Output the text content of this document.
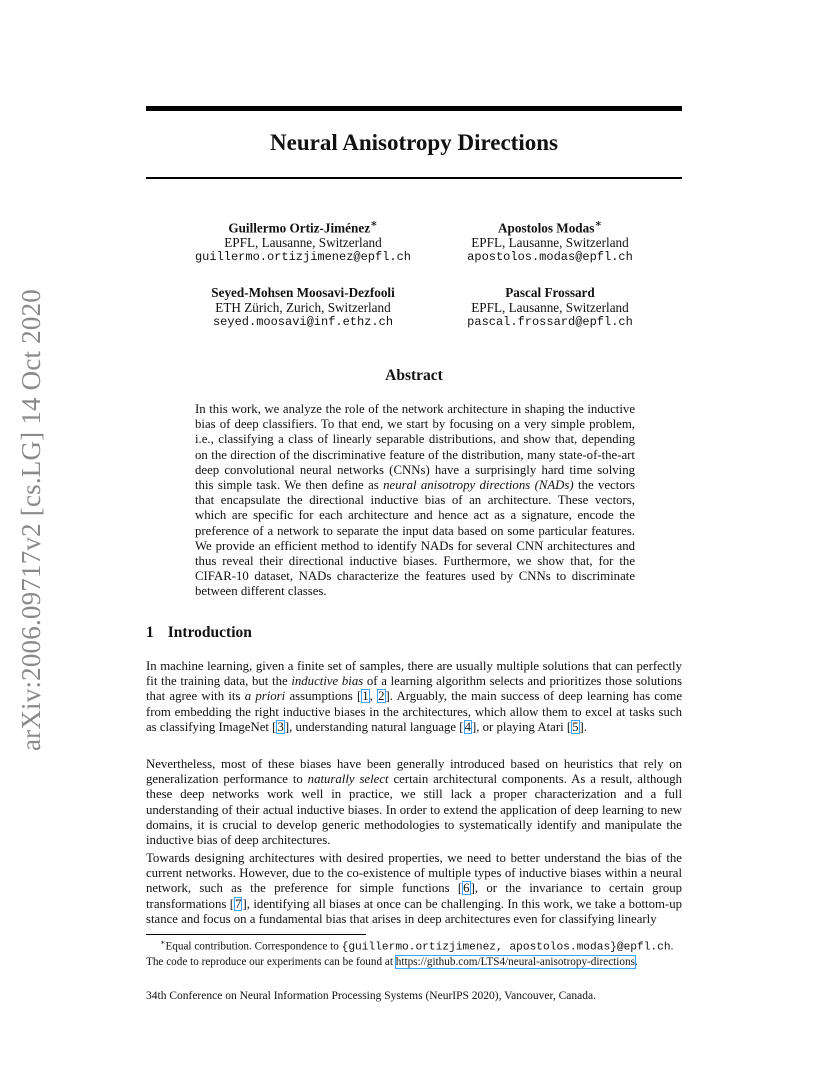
arXiv:2006.09717v2 [cs.LG] 14 Oct 2020
Neural Anisotropy Directions
Guillermo Ortiz-Jiménez∗
EPFL, Lausanne, Switzerland
guillermo.ortizjimenez@epfl.ch
Apostolos Modas∗
EPFL, Lausanne, Switzerland
apostolos.modas@epfl.ch
Seyed-Mohsen Moosavi-Dezfooli
ETH Zürich, Zurich, Switzerland
seyed.moosavi@inf.ethz.ch
Pascal Frossard
EPFL, Lausanne, Switzerland
pascal.frossard@epfl.ch
Abstract
In this work, we analyze the role of the network architecture in shaping the inductive bias of deep classifiers. To that end, we start by focusing on a very simple problem, i.e., classifying a class of linearly separable distributions, and show that, depending on the direction of the discriminative feature of the distribution, many state-of-the-art deep convolutional neural networks (CNNs) have a surprisingly hard time solving this simple task. We then define as neural anisotropy directions (NADs) the vectors that encapsulate the directional inductive bias of an architecture. These vectors, which are specific for each architecture and hence act as a signature, encode the preference of a network to separate the input data based on some particular features. We provide an efficient method to identify NADs for several CNN architectures and thus reveal their directional inductive biases. Furthermore, we show that, for the CIFAR-10 dataset, NADs characterize the features used by CNNs to discriminate between different classes.
1 Introduction
In machine learning, given a finite set of samples, there are usually multiple solutions that can perfectly fit the training data, but the inductive bias of a learning algorithm selects and prioritizes those solutions that agree with its a priori assumptions [1, 2]. Arguably, the main success of deep learning has come from embedding the right inductive biases in the architectures, which allow them to excel at tasks such as classifying ImageNet [3], understanding natural language [4], or playing Atari [5].
Nevertheless, most of these biases have been generally introduced based on heuristics that rely on generalization performance to naturally select certain architectural components. As a result, although these deep networks work well in practice, we still lack a proper characterization and a full understanding of their actual inductive biases. In order to extend the application of deep learning to new domains, it is crucial to develop generic methodologies to systematically identify and manipulate the inductive bias of deep architectures.
Towards designing architectures with desired properties, we need to better understand the bias of the current networks. However, due to the co-existence of multiple types of inductive biases within a neural network, such as the preference for simple functions [6], or the invariance to certain group transformations [7], identifying all biases at once can be challenging. In this work, we take a bottom-up stance and focus on a fundamental bias that arises in deep architectures even for classifying linearly
∗Equal contribution. Correspondence to {guillermo.ortizjimenez, apostolos.modas}@epfl.ch.
The code to reproduce our experiments can be found at https://github.com/LTS4/neural-anisotropy-directions.
34th Conference on Neural Information Processing Systems (NeurIPS 2020), Vancouver, Canada.
